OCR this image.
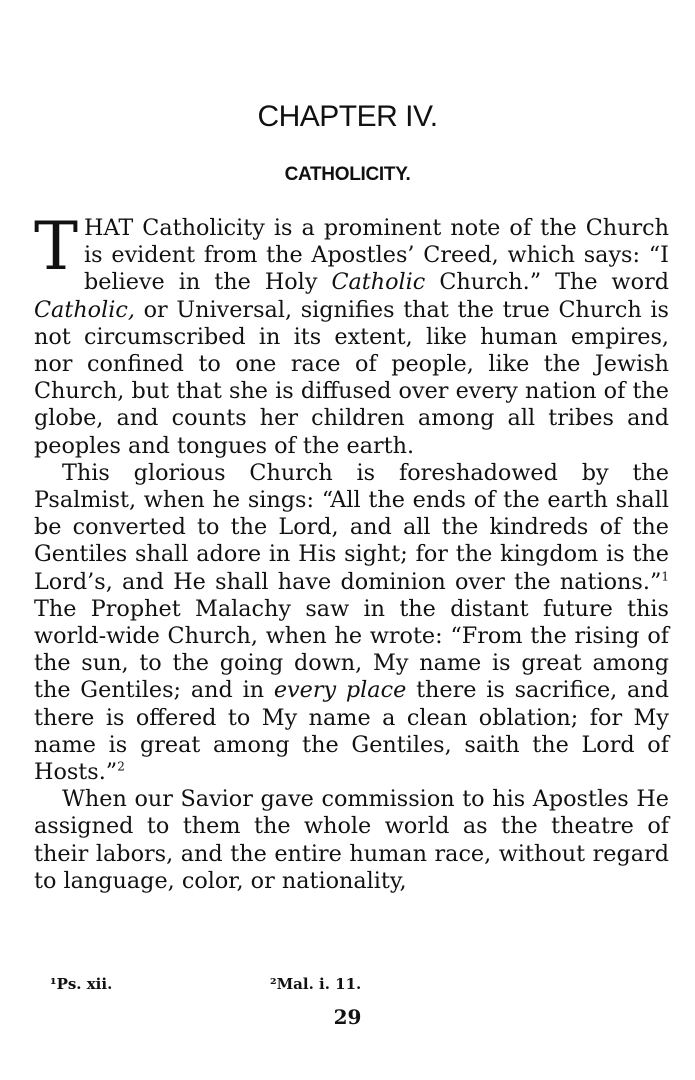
CHAPTER IV.
CATHOLICITY.

THAT Catholicity is a prominent note of the Church is evident from the Apostles’ Creed, which says: “I believe in the Holy Catholic Church.” The word Catholic, or Universal, signifies that the true Church is not circumscribed in its extent, like human empires, nor confined to one race of people, like the Jewish Church, but that she is diffused over every nation of the globe, and counts her children among all tribes and peoples and tongues of the earth.

This glorious Church is foreshadowed by the Psalmist, when he sings: “All the ends of the earth shall be converted to the Lord, and all the kindreds of the Gentiles shall adore in His sight; for the kingdom is the Lord’s, and He shall have dominion over the nations.”$^1$ The Prophet Malachy saw in the distant future this world-wide Church, when he wrote: “From the rising of the sun, to the going down, My name is great among the Gentiles; and in every place there is sacrifice, and there is offered to My name a clean oblation; for My name is great among the Gentiles, saith the Lord of Hosts.”$^2$

When our Savior gave commission to his Apostles He assigned to them the whole world as the theatre of their labors, and the entire human race, without regard to language, color, or nationality,

¹Ps. xii.	²Mal. i. 11.
29
